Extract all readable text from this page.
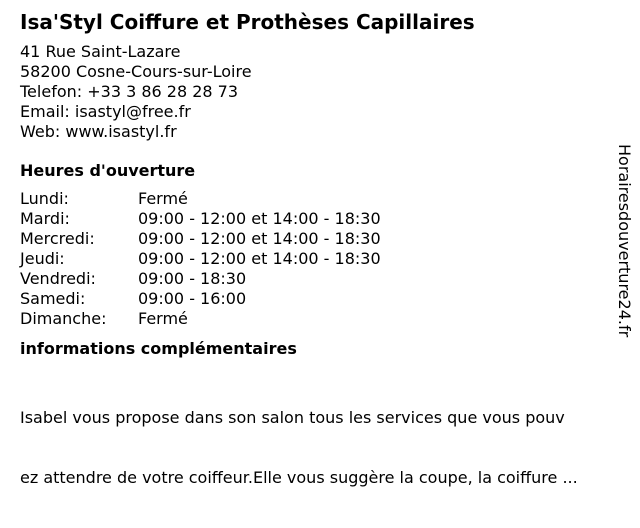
Isa'Styl Coiffure et Prothèses Capillaires
41 Rue Saint-Lazare
58200 Cosne-Cours-sur-Loire
Telefon: +33 3 86 28 28 73
Email: isastyl@free.fr
Web: www.isastyl.fr
Heures d'ouverture
Lundi:	Fermé
Mardi:	09:00 - 12:00 et 14:00 - 18:30
Mercredi:	09:00 - 12:00 et 14:00 - 18:30
Jeudi:	09:00 - 12:00 et 14:00 - 18:30
Vendredi:	09:00 - 18:30
Samedi:	09:00 - 16:00
Dimanche:	Fermé
informations complémentaires

Isabel vous propose dans son salon tous les services que vous pouv

ez attendre de votre coiffeur.Elle vous suggère la coupe, la coiffure ...

Horairesdouverture24.fr
